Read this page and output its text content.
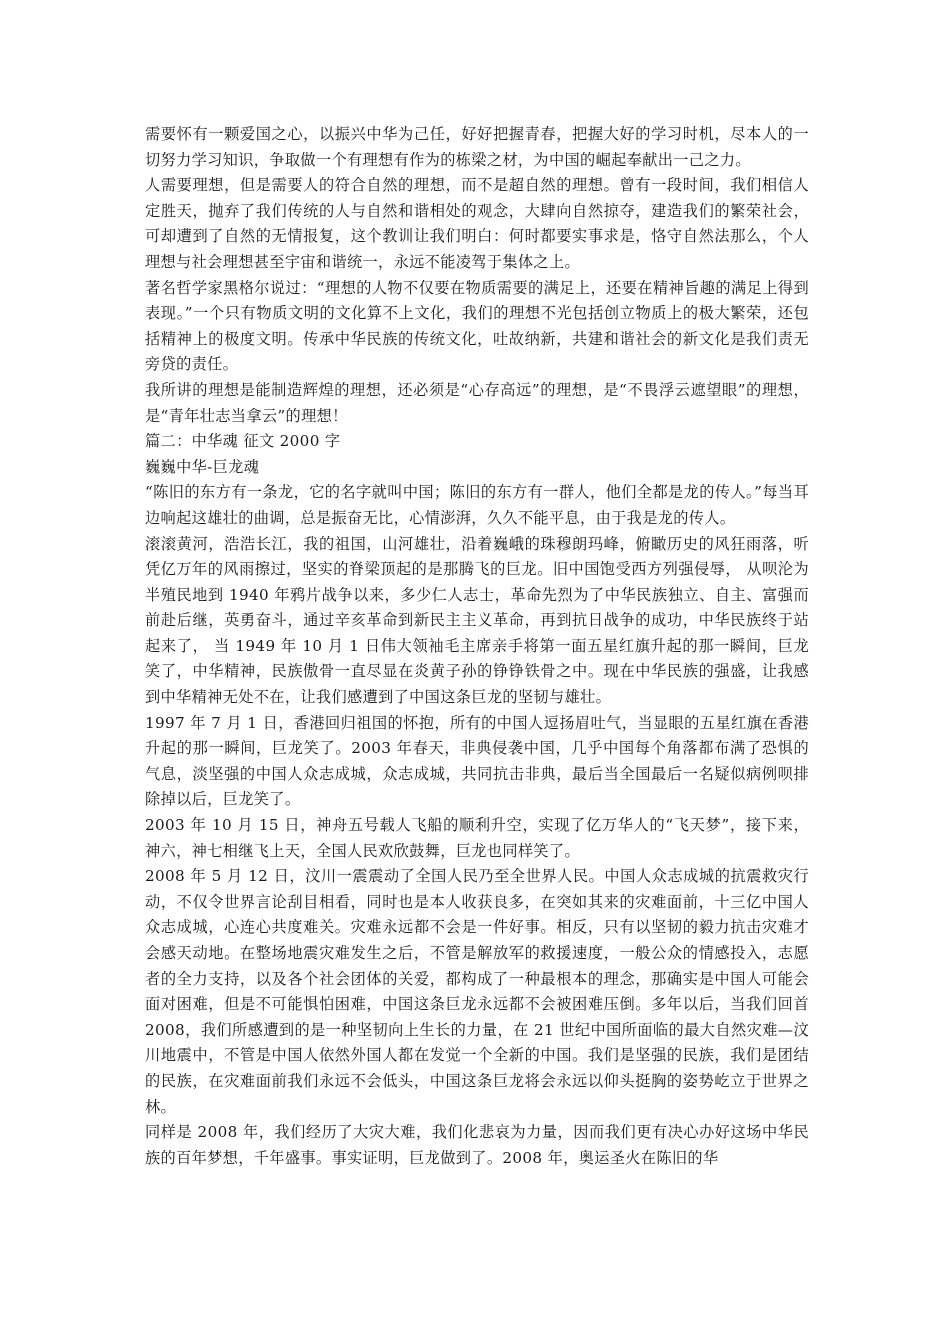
需要怀有一颗爱国之心，以振兴中华为己任，好好把握青春，把握大好的学习时机，尽本人的一切努力学习知识，争取做一个有理想有作为的栋梁之材，为中国的崛起奉献出一己之力。

人需要理想，但是需要人的符合自然的理想，而不是超自然的理想。曾有一段时间，我们相信人定胜天，抛弃了我们传统的人与自然和谐相处的观念，大肆向自然掠夺，建造我们的繁荣社会，可却遭到了自然的无情报复，这个教训让我们明白：何时都要实事求是，恪守自然法那么，个人理想与社会理想甚至宇宙和谐统一，永远不能凌驾于集体之上。

著名哲学家黑格尔说过：“理想的人物不仅要在物质需要的满足上，还要在精神旨趣的满足上得到表现。”一个只有物质文明的文化算不上文化，我们的理想不光包括创立物质上的极大繁荣，还包括精神上的极度文明。传承中华民族的传统文化，吐故纳新，共建和谐社会的新文化是我们责无旁贷的责任。

我所讲的理想是能制造辉煌的理想，还必须是“心存高远”的理想，是“不畏浮云遮望眼”的理想，是“青年壮志当拿云”的理想！

篇二：中华魂 征文 2000 字

巍巍中华-巨龙魂

“陈旧的东方有一条龙，它的名字就叫中国；陈旧的东方有一群人，他们全都是龙的传人。”每当耳边响起这雄壮的曲调，总是振奋无比，心情澎湃，久久不能平息，由于我是龙的传人。

滚滚黄河，浩浩长江，我的祖国，山河雄壮，沿着巍峨的珠穆朗玛峰，俯瞰历史的风狂雨落，听凭亿万年的风雨擦过，坚实的脊梁顶起的是那腾飞的巨龙。旧中国饱受西方列强侵辱， 从呗沦为半殖民地到 1940 年鸦片战争以来，多少仁人志士，革命先烈为了中华民族独立、自主、富强而前赴后继，英勇奋斗，通过辛亥革命到新民主主义革命，再到抗日战争的成功，中华民族终于站起来了， 当 1949 年 10 月 1 日伟大领袖毛主席亲手将第一面五星红旗升起的那一瞬间，巨龙笑了，中华精神，民族傲骨一直尽显在炎黄子孙的铮铮铁骨之中。现在中华民族的强盛，让我感到中华精神无处不在，让我们感遭到了中国这条巨龙的坚韧与雄壮。

1997 年 7 月 1 日，香港回归祖国的怀抱，所有的中国人逗扬眉吐气，当显眼的五星红旗在香港升起的那一瞬间，巨龙笑了。2003 年春天，非典侵袭中国，几乎中国每个角落都布满了恐惧的气息，淡坚强的中国人众志成城，众志成城，共同抗击非典，最后当全国最后一名疑似病例呗排除掉以后，巨龙笑了。

2003 年 10 月 15 日，神舟五号载人飞船的顺利升空，实现了亿万华人的“飞天梦”，接下来，神六，神七相继飞上天，全国人民欢欣鼓舞，巨龙也同样笑了。

2008 年 5 月 12 日，汶川一震震动了全国人民乃至全世界人民。中国人众志成城的抗震救灾行动，不仅令世界言论刮目相看，同时也是本人收获良多，在突如其来的灾难面前，十三亿中国人众志成城，心连心共度难关。灾难永远都不会是一件好事。相反，只有以坚韧的毅力抗击灾难才会感天动地。在整场地震灾难发生之后，不管是解放军的救援速度，一般公众的情感投入，志愿者的全力支持，以及各个社会团体的关爱，都构成了一种最根本的理念，那确实是中国人可能会面对困难，但是不可能惧怕困难，中国这条巨龙永远都不会被困难压倒。多年以后，当我们回首 2008，我们所感遭到的是一种坚韧向上生长的力量，在 21 世纪中国所面临的最大自然灾难—汶川地震中，不管是中国人依然外国人都在发觉一个全新的中国。我们是坚强的民族，我们是团结的民族，在灾难面前我们永远不会低头，中国这条巨龙将会永远以仰头挺胸的姿势屹立于世界之林。

同样是 2008 年，我们经历了大灾大难，我们化悲哀为力量，因而我们更有决心办好这场中华民族的百年梦想，千年盛事。事实证明，巨龙做到了。2008 年，奥运圣火在陈旧的华
